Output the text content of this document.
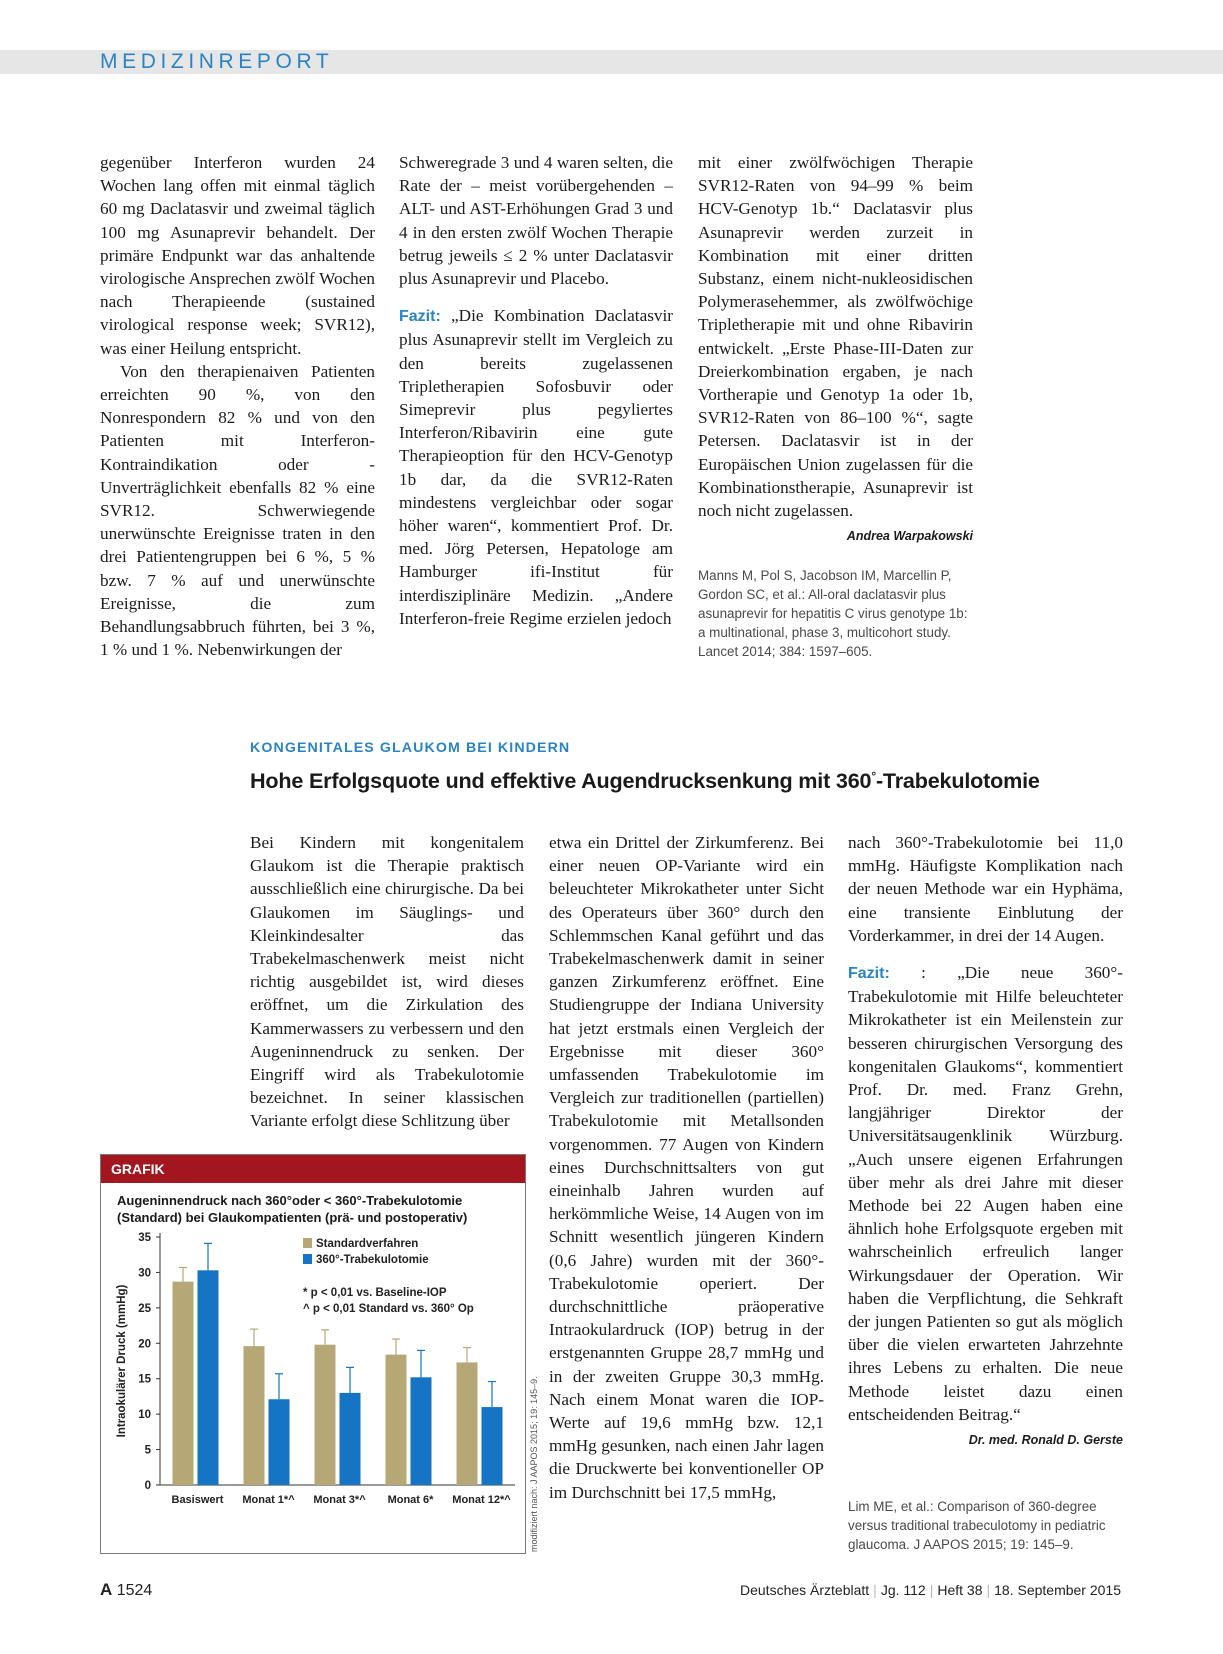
MEDIZINREPORT

gegenüber Interferon wurden 24 Wochen lang offen mit einmal täglich 60 mg Daclatasvir und zweimal täglich 100 mg Asunaprevir behandelt. Der primäre Endpunkt war das anhaltende virologische Ansprechen zwölf Wochen nach Therapieende (sustained virological response week; SVR12), was einer Heilung entspricht.

Von den therapienaiven Patienten erreichten 90 %, von den Nonrespondern 82 % und von den Patienten mit Interferon-Kontraindikation oder -Unverträglichkeit ebenfalls 82 % eine SVR12. Schwerwiegende unerwünschte Ereignisse traten in den drei Patientengruppen bei 6 %, 5 % bzw. 7 % auf und unerwünschte Ereignisse, die zum Behandlungsabbruch führten, bei 3 %, 1 % und 1 %. Nebenwirkungen der

Schweregrade 3 und 4 waren selten, die Rate der – meist vorübergehenden – ALT- und AST-Erhöhungen Grad 3 und 4 in den ersten zwölf Wochen Therapie betrug jeweils ≤ 2 % unter Daclatasvir plus Asunaprevir und Placebo.

Fazit: „Die Kombination Daclatasvir plus Asunaprevir stellt im Vergleich zu den bereits zugelassenen Tripletherapien Sofosbuvir oder Simeprevir plus pegyliertes Interferon/Ribavirin eine gute Therapieoption für den HCV-Genotyp 1b dar, da die SVR12-Raten mindestens vergleichbar oder sogar höher waren“, kommentiert Prof. Dr. med. Jörg Petersen, Hepatologe am Hamburger ifi-Institut für interdisziplinäre Medizin. „Andere Interferon-freie Regime erzielen jedoch

mit einer zwölfwöchigen Therapie SVR12-Raten von 94–99 % beim HCV-Genotyp 1b.“ Daclatasvir plus Asunaprevir werden zurzeit in Kombination mit einer dritten Substanz, einem nicht-nukleosidischen Polymerasehemmer, als zwölfwöchige Tripletherapie mit und ohne Ribavirin entwickelt. „Erste Phase-III-Daten zur Dreierkombination ergaben, je nach Vortherapie und Genotyp 1a oder 1b, SVR12-Raten von 86–100 %“, sagte Petersen. Daclatasvir ist in der Europäischen Union zugelassen für die Kombinationstherapie, Asunaprevir ist noch nicht zugelassen.
Andrea Warpakowski

Manns M, Pol S, Jacobson IM, Marcellin P, Gordon SC, et al.: All-oral daclatasvir plus asunaprevir for hepatitis C virus genotype 1b: a multinational, phase 3, multicohort study. Lancet 2014; 384: 1597–605.
KONGENITALES GLAUKOM BEI KINDERN
Hohe Erfolgsquote und effektive Augendrucksenkung mit 360°-Trabekulotomie

Bei Kindern mit kongenitalem Glaukom ist die Therapie praktisch ausschließlich eine chirurgische. Da bei Glaukomen im Säuglings- und Kleinkindesalter das Trabekelmaschenwerk meist nicht richtig ausgebildet ist, wird dieses eröffnet, um die Zirkulation des Kammerwassers zu verbessern und den Augeninnendruck zu senken. Der Eingriff wird als Trabekulotomie bezeichnet. In seiner klassischen Variante erfolgt diese Schlitzung über

etwa ein Drittel der Zirkumferenz. Bei einer neuen OP-Variante wird ein beleuchteter Mikrokatheter unter Sicht des Operateurs über 360° durch den Schlemmschen Kanal geführt und das Trabekelmaschenwerk damit in seiner ganzen Zirkumferenz eröffnet. Eine Studiengruppe der Indiana University hat jetzt erstmals einen Vergleich der Ergebnisse mit dieser 360° umfassenden Trabekulotomie im Vergleich zur traditionellen (partiellen) Trabekulotomie mit Metallsonden vorgenommen. 77 Augen von Kindern eines Durchschnittsalters von gut eineinhalb Jahren wurden auf herkömmliche Weise, 14 Augen von im Schnitt wesentlich jüngeren Kindern (0,6 Jahre) wurden mit der 360°-Trabekulotomie operiert. Der durchschnittliche präoperative Intraokulardruck (IOP) betrug in der erstgenannten Gruppe 28,7 mmHg und in der zweiten Gruppe 30,3 mmHg. Nach einem Monat waren die IOP-Werte auf 19,6 mmHg bzw. 12,1 mmHg gesunken, nach einen Jahr lagen die Druckwerte bei konventioneller OP im Durchschnitt bei 17,5 mmHg,

nach 360°-Trabekulotomie bei 11,0 mmHg. Häufigste Komplikation nach der neuen Methode war ein Hyphäma, eine transiente Einblutung der Vorderkammer, in drei der 14 Augen.

Fazit: : „Die neue 360°-Trabekulotomie mit Hilfe beleuchteter Mikrokatheter ist ein Meilenstein zur besseren chirurgischen Versorgung des kongenitalen Glaukoms“, kommentiert Prof. Dr. med. Franz Grehn, langjähriger Direktor der Universitätsaugenklinik Würzburg. „Auch unsere eigenen Erfahrungen über mehr als drei Jahre mit dieser Methode bei 22 Augen haben eine ähnlich hohe Erfolgsquote ergeben mit wahrscheinlich erfreulich langer Wirkungsdauer der Operation. Wir haben die Verpflichtung, die Sehkraft der jungen Patienten so gut als möglich über die vielen erwarteten Jahrzehnte ihres Lebens zu erhalten. Die neue Methode leistet dazu einen entscheidenden Beitrag.“
Dr. med. Ronald D. Gerste

Lim ME, et al.: Comparison of 360-degree versus traditional trabeculotomy in pediatric glaucoma. J AAPOS 2015; 19: 145–9.
GRAFIK
Augeninnendruck nach 360°oder < 360°-Trabekulotomie (Standard) bei Glaukompatienten (prä- und postoperativ)
0
5
10
15
20
25
30
35
Intraokulärer Druck (mmHg)
Basiswert Monat 1*^ Monat 3*^ Monat 6* Monat 12*^
Standardverfahren
360°-Trabekulotomie
* p < 0,01 vs. Baseline-IOP
^ p < 0,01 Standard vs. 360° Op
modifiziert nach: J AAPOS 2015; 19: 145–9.
A 1524	Deutsches Ärzteblatt | Jg. 112 | Heft 38 | 18. September 2015
